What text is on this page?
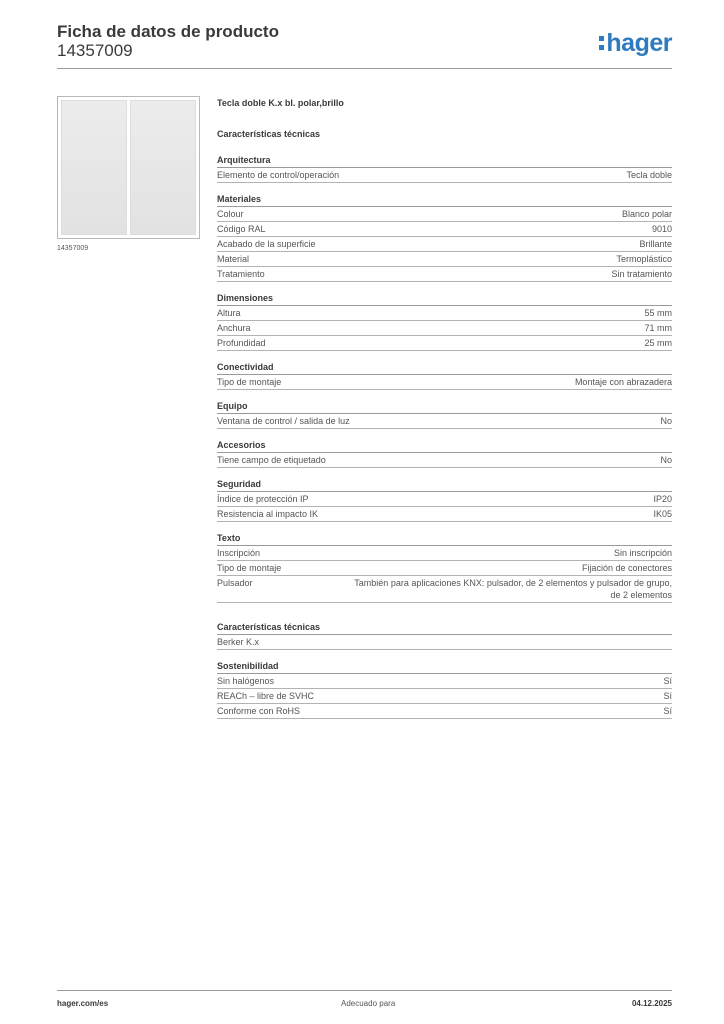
Ficha de datos de producto
14357009	hager
14357009
Tecla doble K.x bl. polar,brillo
Características técnicas
Arquitectura
Elemento de control/operación	Tecla doble
Materiales
Colour	Blanco polar
Código RAL	9010
Acabado de la superficie	Brillante
Material	Termoplástico
Tratamiento	Sin tratamiento
Dimensiones
Altura	55 mm
Anchura	71 mm
Profundidad	25 mm
Conectividad
Tipo de montaje	Montaje con abrazadera
Equipo
Ventana de control / salida de luz	No
Accesorios
Tiene campo de etiquetado	No
Seguridad
Índice de protección IP	IP20
Resistencia al impacto IK	IK05
Texto
Inscripción	Sin inscripción
Tipo de montaje	Fijación de conectores
Pulsador	También para aplicaciones KNX: pulsador, de 2 elementos y pulsador de grupo, de 2 elementos
Características técnicas
Berker K.x
Sostenibilidad
Sin halógenos	Sí
REACh – libre de SVHC	Sí
Conforme con RoHS	Sí
hager.com/es	Adecuado para	04.12.2025
